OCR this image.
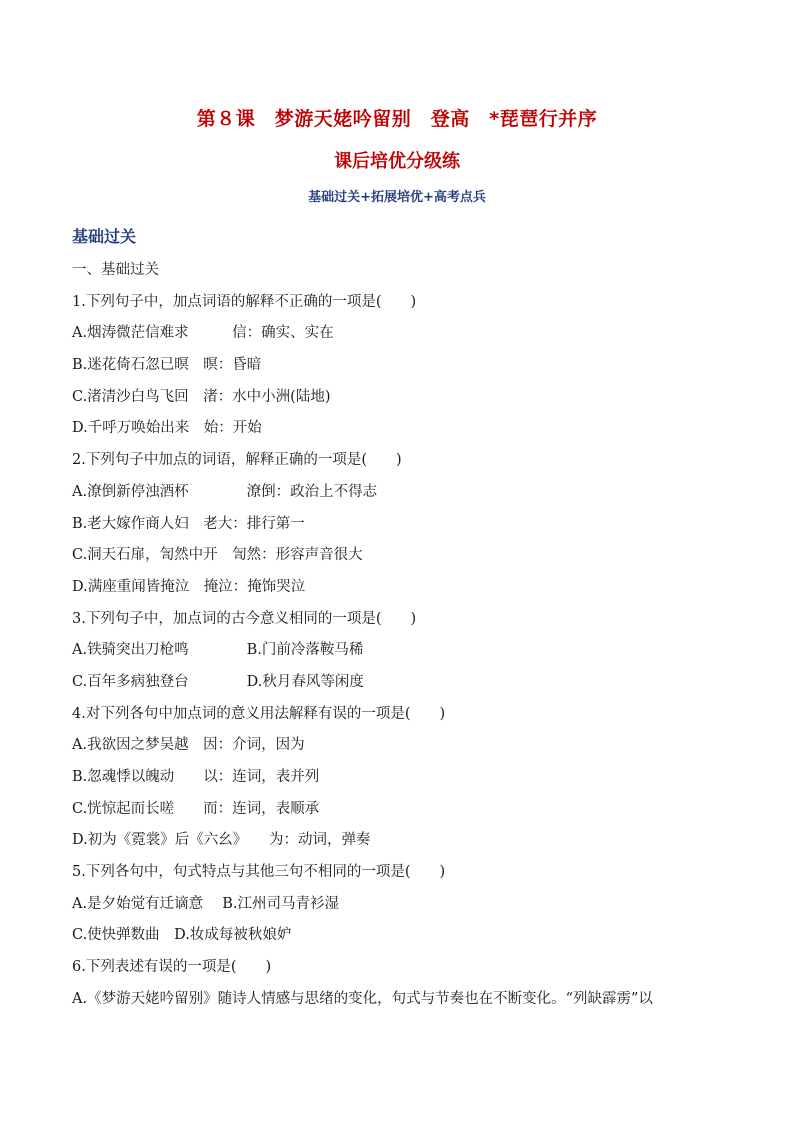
第８课　梦游天姥吟留别　登高　*琵琶行并序
课后培优分级练
基础过关+拓展培优+高考点兵
基础过关
一、基础过关
1.下列句子中，加点词语的解释不正确的一项是(　　)
A.烟涛微茫信难求　　　信：确实、实在
B.迷花倚石忽已暝　暝：昏暗
C.渚清沙白鸟飞回　渚：水中小洲(陆地)
D.千呼万唤始出来　始：开始
2.下列句子中加点的词语，解释正确的一项是(　　)
A.潦倒新停浊酒杯　　　　潦倒：政治上不得志
B.老大嫁作商人妇　老大：排行第一
C.洞天石扉，訇然中开　訇然：形容声音很大
D.满座重闻皆掩泣　掩泣：掩饰哭泣
3.下列句子中，加点词的古今意义相同的一项是(　　)
A.铁骑突出刀枪鸣　　　　B.门前冷落鞍马稀
C.百年多病独登台　　　　D.秋月春风等闲度
4.对下列各句中加点词的意义用法解释有误的一项是(　　)
A.我欲因之梦吴越　因：介词，因为
B.忽魂悸以魄动　　以：连词，表并列
C.恍惊起而长嗟　　而：连词，表顺承
D.初为《霓裳》后《六幺》　　为：动词，弹奏
5.下列各句中，句式特点与其他三句不相同的一项是(　　)
A.是夕始觉有迁谪意　 B.江州司马青衫湿
C.使快弹数曲　D.妆成每被秋娘妒
6.下列表述有误的一项是(　　)
A.《梦游天姥吟留别》随诗人情感与思绪的变化，句式与节奏也在不断变化。“列缺霹雳”以
